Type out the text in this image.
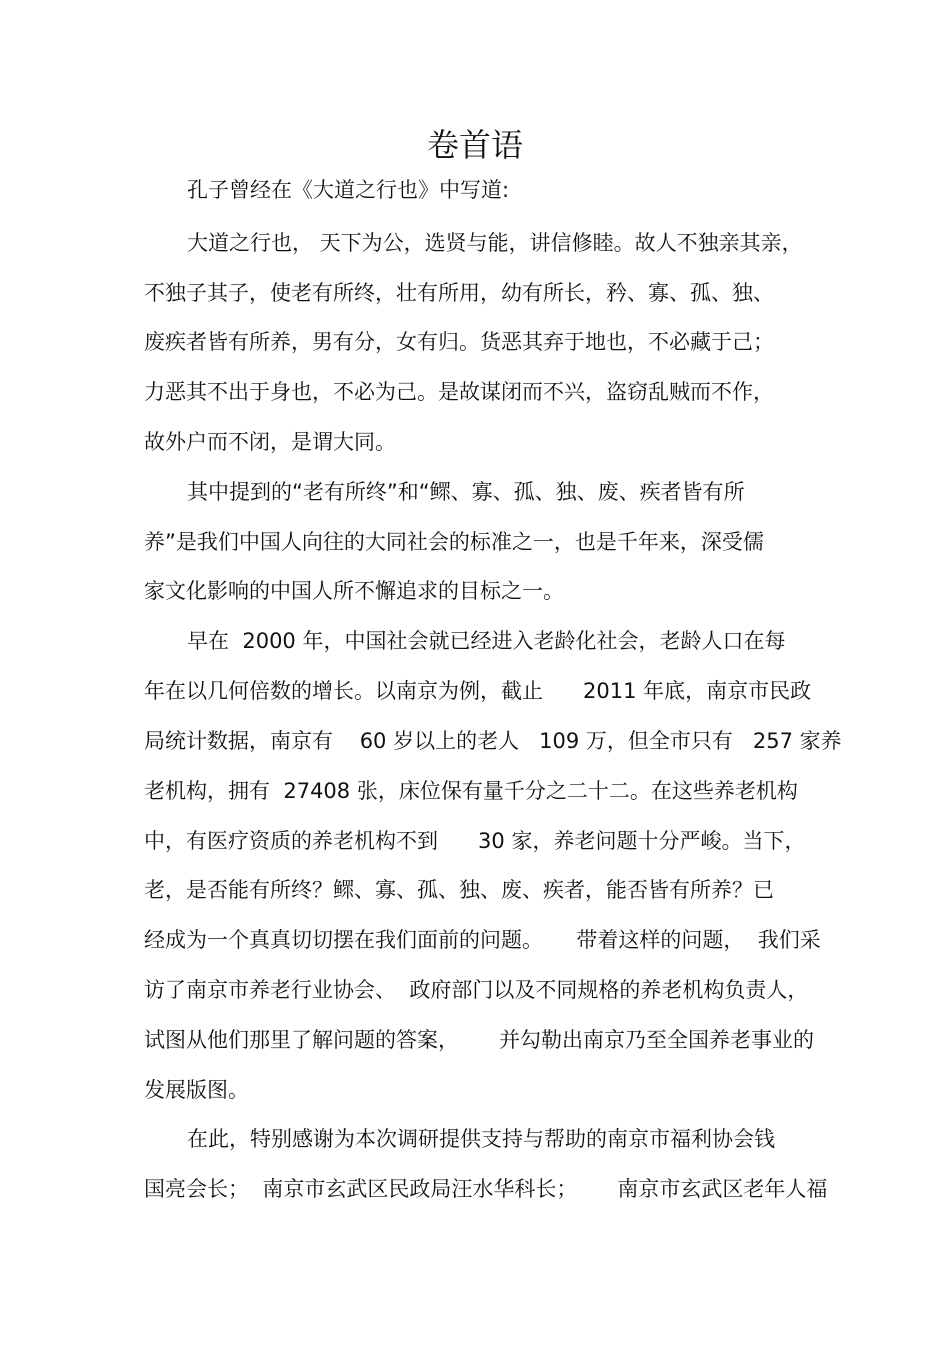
卷首语

孔子曾经在《大道之行也》中写道:

大道之行也， 天下为公，选贤与能，讲信修睦。故人不独亲其亲，

不独子其子，使老有所终，壮有所用，幼有所长，矜、寡、孤、独、

废疾者皆有所养，男有分，女有归。货恶其弃于地也，不必藏于己；

力恶其不出于身也，不必为己。是故谋闭而不兴，盗窃乱贼而不作，

故外户而不闭，是谓大同。

其中提到的“老有所终”和“鳏、寡、孤、独、废、疾者皆有所

养”是我们中国人向往的大同社会的标准之一，也是千年来，深受儒

家文化影响的中国人所不懈追求的目标之一。

早在  2000 年，中国社会就已经进入老龄化社会，老龄人口在每

年在以几何倍数的增长。以南京为例，截止      2011 年底，南京市民政

局统计数据，南京有    60 岁以上的老人   109 万，但全市只有   257 家养

老机构，拥有  27408 张，床位保有量千分之二十二。在这些养老机构

中，有医疗资质的养老机构不到      30 家，养老问题十分严峻。当下，

老，是否能有所终？鳏、寡、孤、独、废、疾者，能否皆有所养？已

经成为一个真真切切摆在我们面前的问题。     带着这样的问题，  我们采

访了南京市养老行业协会、  政府部门以及不同规格的养老机构负责人，

试图从他们那里了解问题的答案，      并勾勒出南京乃至全国养老事业的

发展版图。

在此，特别感谢为本次调研提供支持与帮助的南京市福利协会钱

国亮会长；  南京市玄武区民政局汪水华科长；      南京市玄武区老年人福
